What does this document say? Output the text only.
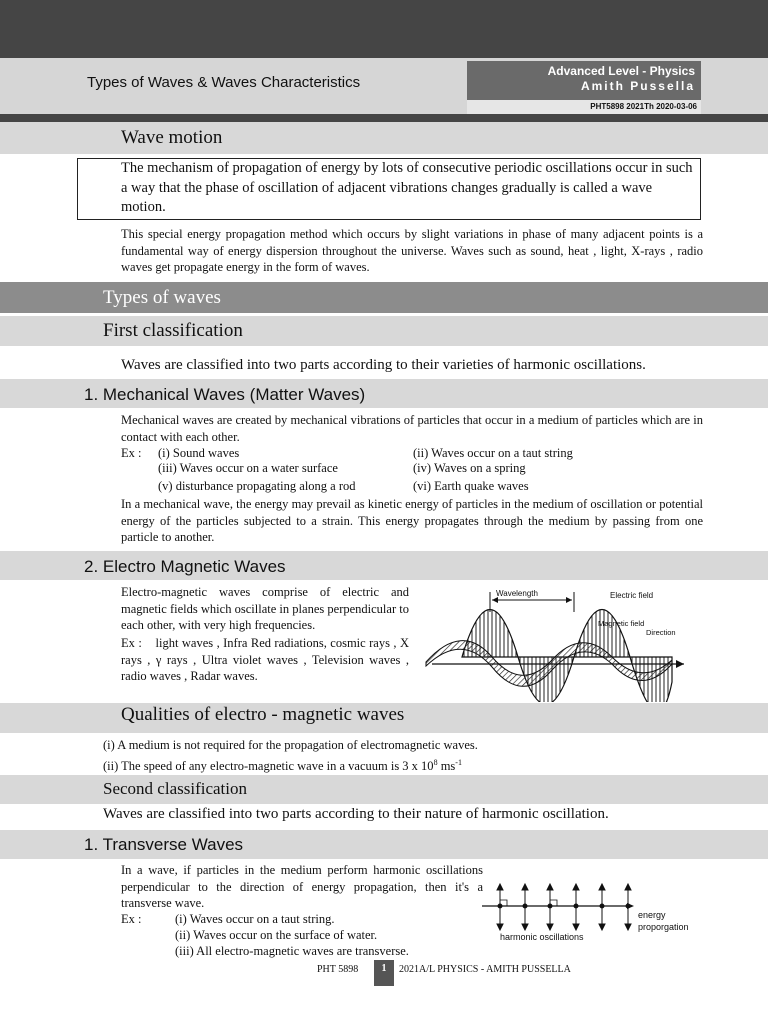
Types of Waves & Waves Characteristics
Advanced Level - Physics
Amith Pussella
PHT5898 2021Th 2020-03-06
Wave motion
The mechanism of propagation of energy by lots of consecutive periodic oscillations occur in such a way that the phase of oscillation of adjacent vibrations changes gradually is called a wave motion.
This special energy propagation method which occurs by slight variations in phase of many adjacent points is a fundamental way of energy dispersion throughout the universe. Waves such as sound, heat , light, X-rays , radio waves get propagate energy in the form of waves.
Types of waves
First classification
Waves are classified into two parts according to their varieties of harmonic oscillations.
1. Mechanical Waves (Matter Waves)
Mechanical waves are created by mechanical vibrations of particles that occur in a medium of particles which are in contact with each other.
Ex : (i) Sound waves	(ii) Waves occur on a taut string
(iii) Waves occur on a water surface	(iv) Waves on a spring
(v) disturbance propagating along a rod	(vi) Earth quake waves
In a mechanical wave, the energy may prevail as kinetic energy of particles in the medium of oscillation or potential energy of the particles subjected to a strain. This energy propagates through the medium by passing from one particle to another.
2. Electro Magnetic Waves
Electro-magnetic waves comprise of electric and magnetic fields which oscillate in planes perpendicular to each other, with very high frequencies.
Ex : light waves , Infra Red radiations, cosmic rays , X rays , γ rays , Ultra violet waves , Television waves , radio waves , Radar waves.
Wavelength	Electric field
Magnetic field
Direction
Qualities of electro - magnetic waves
(i) A medium is not required for the propagation of electromagnetic waves.
(ii) The speed of any electro-magnetic wave in a vacuum is 3 x $10^8$ $ms^{-1}$
Second classification
Waves are classified into two parts according to their nature of harmonic oscillation.
1. Transverse Waves
In a wave, if particles in the medium perform harmonic oscillations perpendicular to the direction of energy propagation, then it's a transverse wave.
Ex :	(i) Waves occur on a taut string.
(ii) Waves occur on the surface of water.
(iii) All electro-magnetic waves are transverse.
harmonic oscillations
energy
proporgation
PHT 5898	1	2021A/L PHYSICS - AMITH PUSSELLA
